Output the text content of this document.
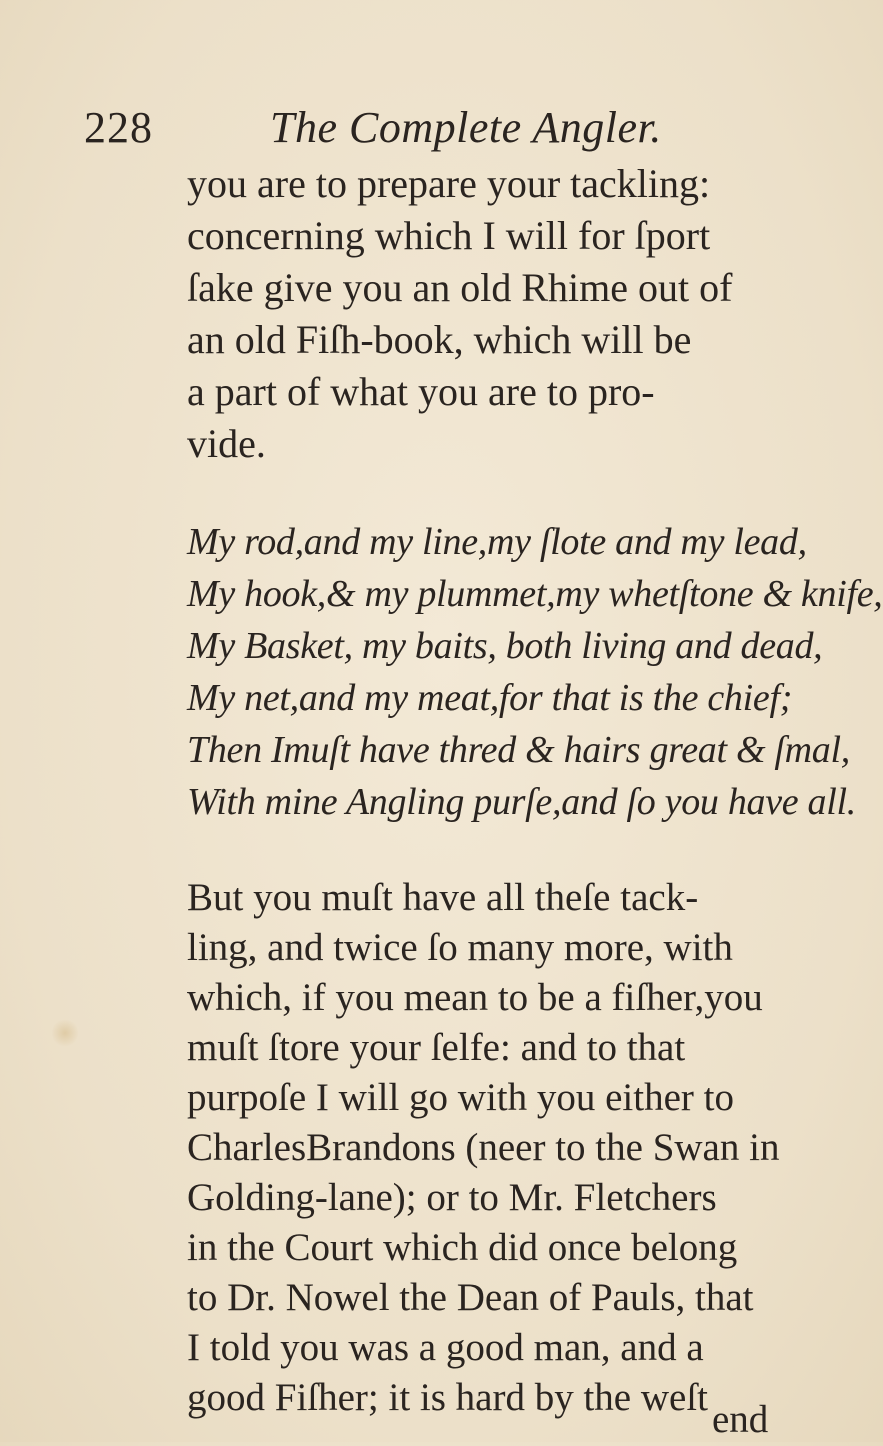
228	The Complete Angler.
you are to prepare your tackling:
concerning which I will for ſport
ſake give you an old Rhime out of
an old Fiſh-book, which will be
a part of what you are to pro-
vide.
My rod,and my line,my ſlote and my lead,
My hook,& my plummet,my whetſtone & knife,
My Basket, my baits, both living and dead,
My net,and my meat,for that is the chief;
Then Imuſt have thred & hairs great & ſmal,
With mine Angling purſe,and ſo you have all.
But you muſt have all theſe tack-
ling, and twice ſo many more, with
which, if you mean to be a fiſher,you
muſt ſtore your ſelfe: and to that
purpoſe I will go with you either to
CharlesBrandons (neer to the Swan in
Golding-lane); or to Mr. Fletchers
in the Court which did once belong
to Dr. Nowel the Dean of Pauls, that
I told you was a good man, and a
good Fiſher; it is hard by the weſt
end
